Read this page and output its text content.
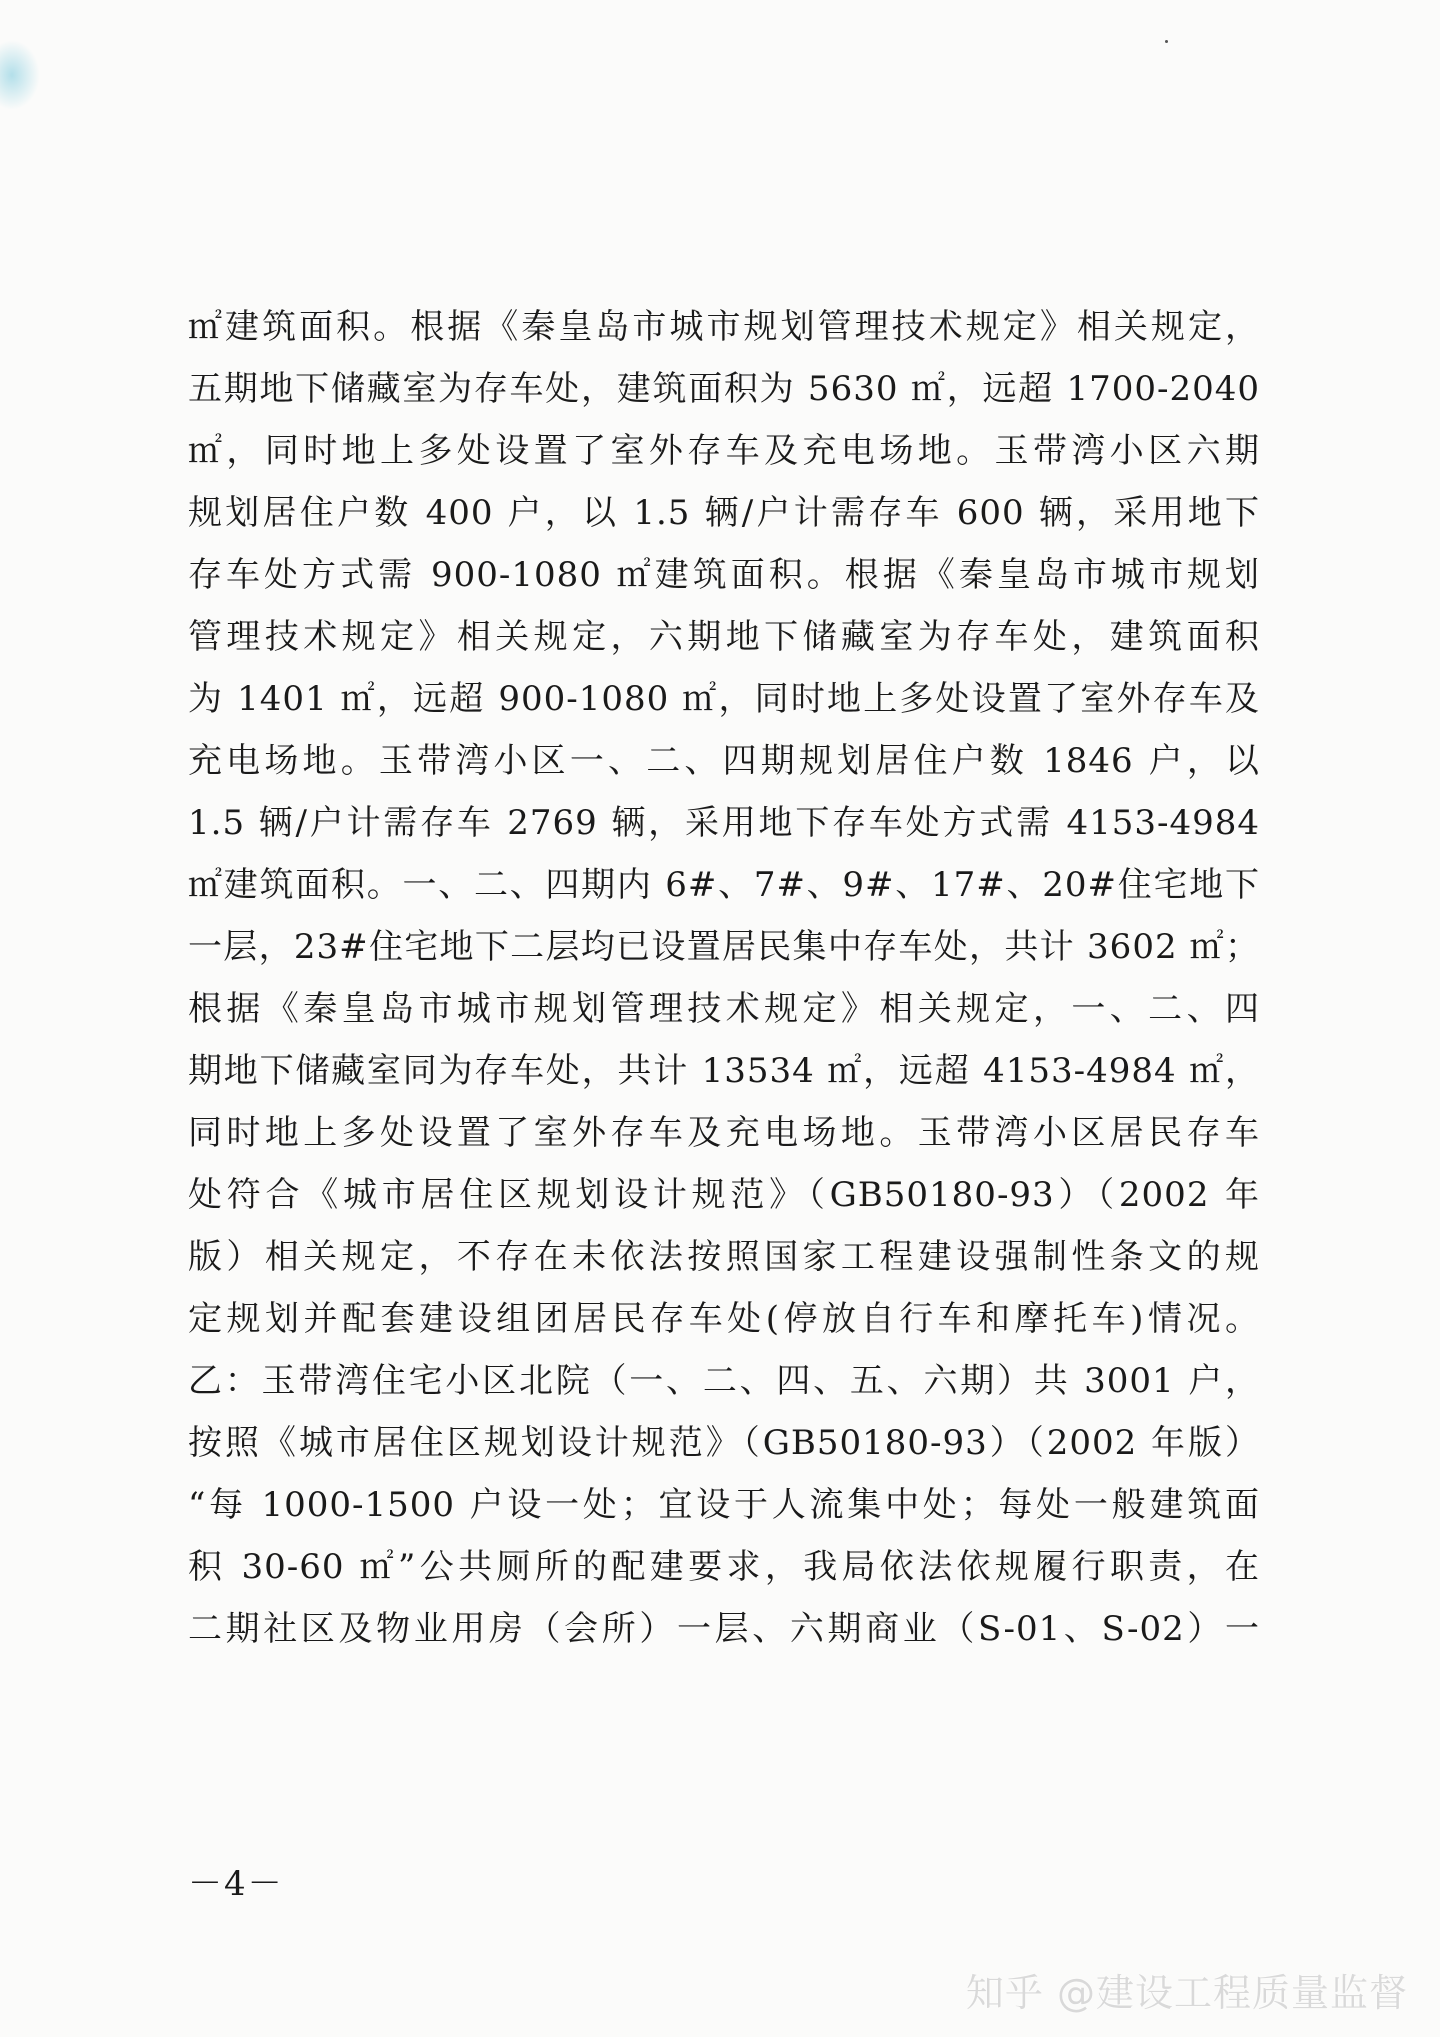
㎡建筑面积。根据《秦皇岛市城市规划管理技术规定》相关规定，
五期地下储藏室为存车处，建筑面积为 5630 ㎡，远超 1700-2040
㎡，同时地上多处设置了室外存车及充电场地。玉带湾小区六期
规划居住户数 400 户，以 1.5 辆/户计需存车 600 辆，采用地下
存车处方式需 900-1080 ㎡建筑面积。根据《秦皇岛市城市规划
管理技术规定》相关规定，六期地下储藏室为存车处，建筑面积
为 1401 ㎡，远超 900-1080 ㎡，同时地上多处设置了室外存车及
充电场地。玉带湾小区一、二、四期规划居住户数 1846 户，以
1.5 辆/户计需存车 2769 辆，采用地下存车处方式需 4153-4984
㎡建筑面积。一、二、四期内 6#、7#、9#、17#、20#住宅地下
一层，23#住宅地下二层均已设置居民集中存车处，共计 3602 ㎡；
根据《秦皇岛市城市规划管理技术规定》相关规定，一、二、四
期地下储藏室同为存车处，共计 13534 ㎡，远超 4153-4984 ㎡，
同时地上多处设置了室外存车及充电场地。玉带湾小区居民存车
处符合《城市居住区规划设计规范》（GB50180-93）（2002 年
版）相关规定，不存在未依法按照国家工程建设强制性条文的规
定规划并配套建设组团居民存车处(停放自行车和摩托车)情况。
乙：玉带湾住宅小区北院（一、二、四、五、六期）共 3001 户，
按照《城市居住区规划设计规范》（GB50180-93）（2002 年版）
“每 1000-1500 户设一处；宜设于人流集中处；每处一般建筑面
积 30-60 ㎡”公共厕所的配建要求，我局依法依规履行职责，在
二期社区及物业用房（会所）一层、六期商业（S-01、S-02）一
－4－
知乎 @建设工程质量监督
